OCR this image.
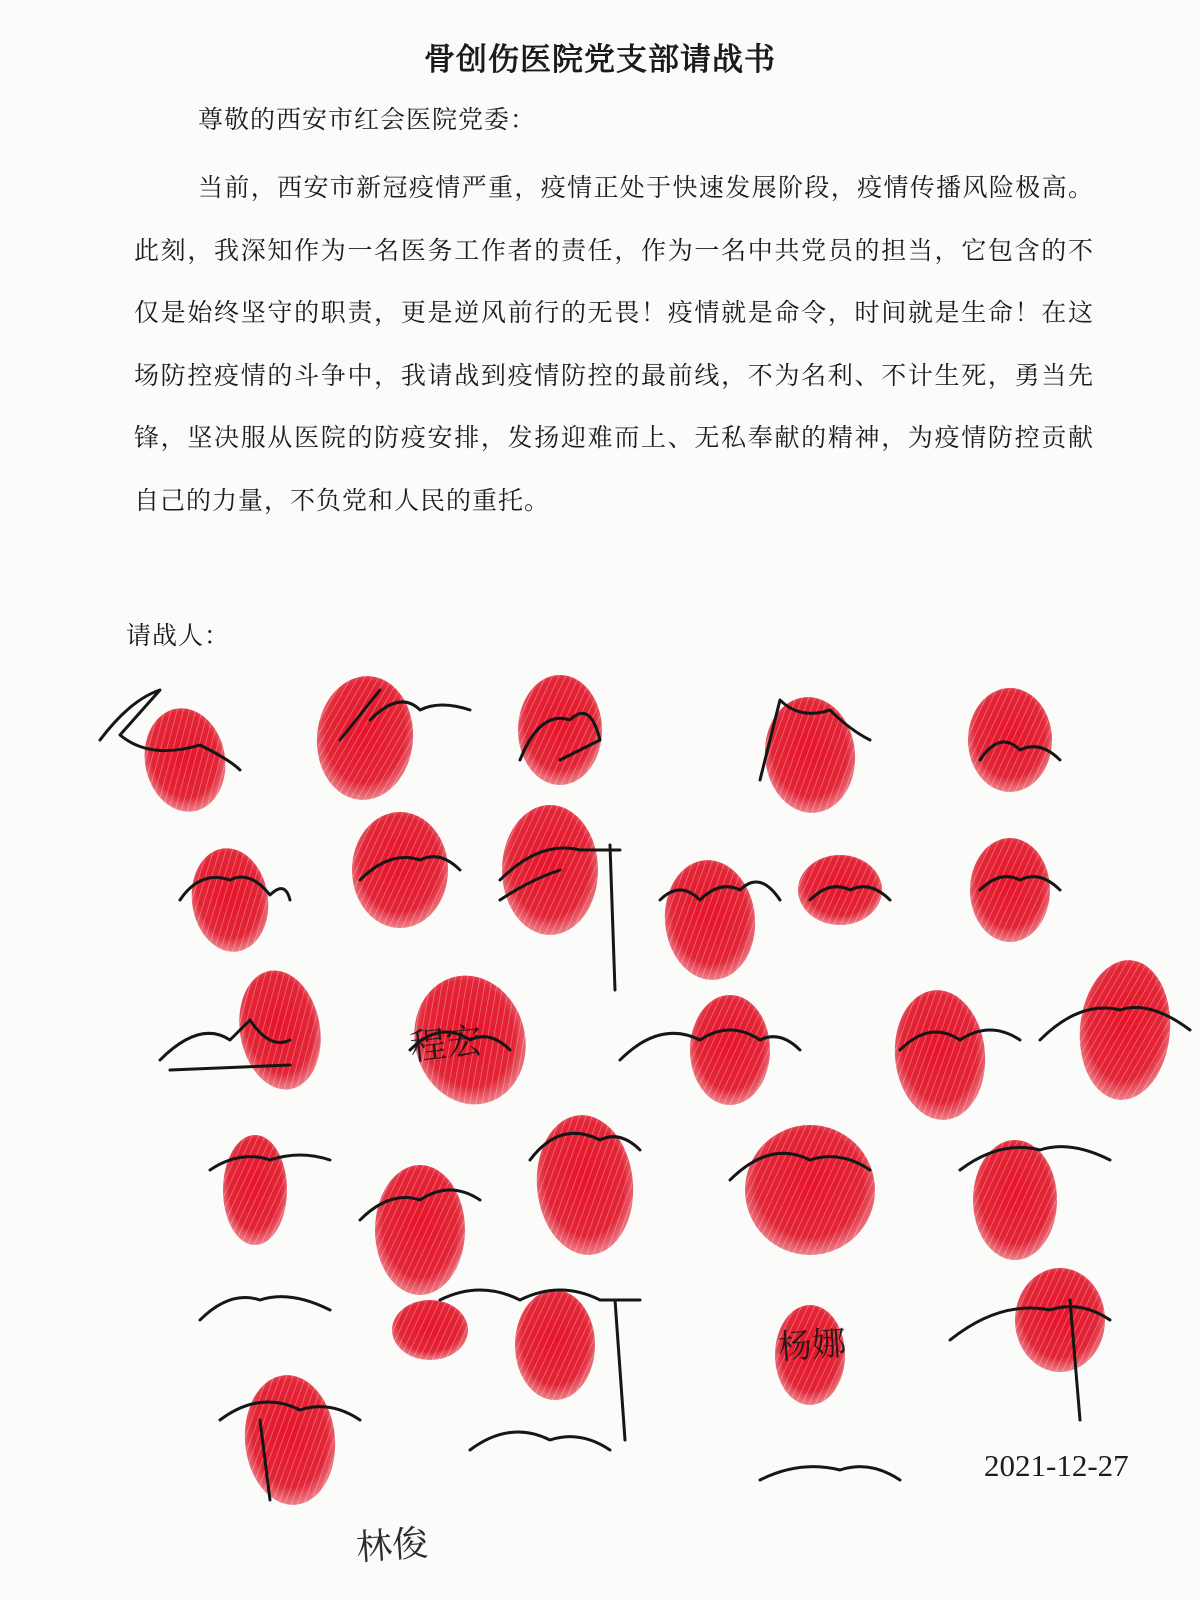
骨创伤医院党支部请战书
尊敬的西安市红会医院党委：

当前，西安市新冠疫情严重，疫情正处于快速发展阶段，疫情传播风险极高。此刻，我深知作为一名医务工作者的责任，作为一名中共党员的担当，它包含的不仅是始终坚守的职责，更是逆风前行的无畏！疫情就是命令，时间就是生命！在这场防控疫情的斗争中，我请战到疫情防控的最前线，不为名利、不计生死，勇当先锋，坚决服从医院的防疫安排，发扬迎难而上、无私奉献的精神，为疫情防控贡献自己的力量，不负党和人民的重托。

请战人：
程宏
杨娜
林俊
2021-12-27
